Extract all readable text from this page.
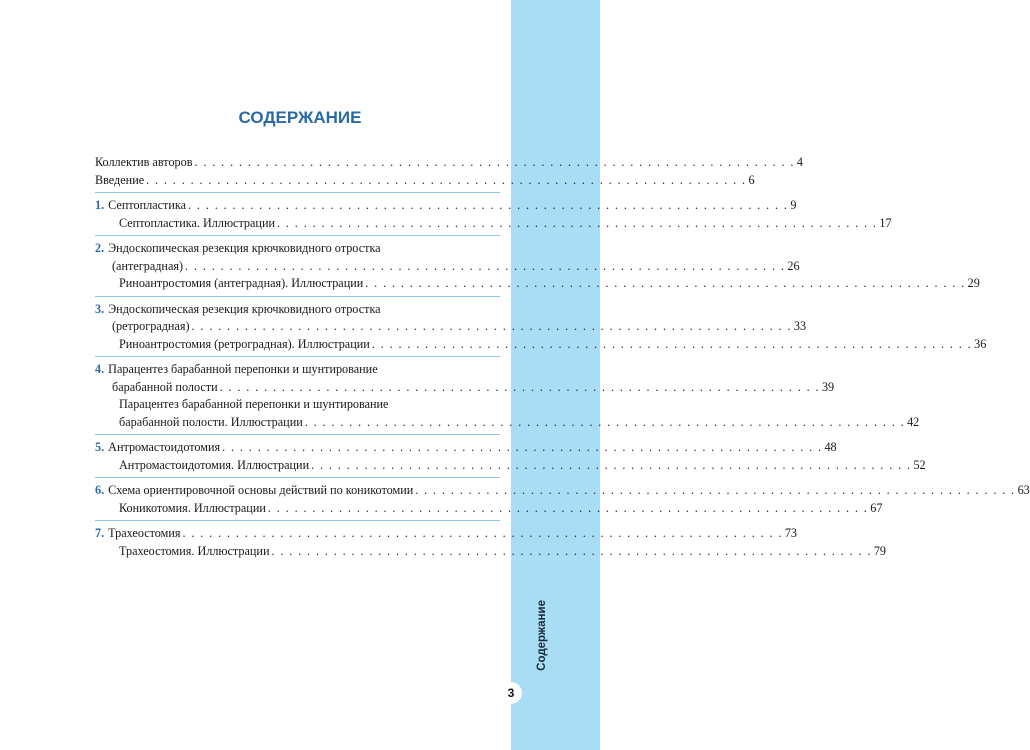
Содержание
3
СОДЕРЖАНИЕ
Коллектив авторов . . . . . . . . . . . . . . . . . . . . . . . . . . . . . . . . . . . . . . . . . . . . . . . . . . . . . . . . . . . . . . . . . . . . 4
Введение . . . . . . . . . . . . . . . . . . . . . . . . . . . . . . . . . . . . . . . . . . . . . . . . . . . . . . . . . . . . . . . . . . . . 6
1. Септопластика . . . . . . . . . . . . . . . . . . . . . . . . . . . . . . . . . . . . . . . . . . . . . . . . . . . . . . . . . . . . . . . . . . . . 9
Септопластика. Иллюстрации . . . . . . . . . . . . . . . . . . . . . . . . . . . . . . . . . . . . . . . . . . . . . . . . . . . . . . . . . . . . . . . . . . . . 17
2. Эндоскопическая резекция крючковидного отростка
(антеградная) . . . . . . . . . . . . . . . . . . . . . . . . . . . . . . . . . . . . . . . . . . . . . . . . . . . . . . . . . . . . . . . . . . . . 26
Риноантростомия (антеградная). Иллюстрации . . . . . . . . . . . . . . . . . . . . . . . . . . . . . . . . . . . . . . . . . . . . . . . . . . . . . . . . . . . . . . . . . . . . 29
3. Эндоскопическая резекция крючковидного отростка
(ретроградная) . . . . . . . . . . . . . . . . . . . . . . . . . . . . . . . . . . . . . . . . . . . . . . . . . . . . . . . . . . . . . . . . . . . . 33
Риноантростомия (ретроградная). Иллюстрации . . . . . . . . . . . . . . . . . . . . . . . . . . . . . . . . . . . . . . . . . . . . . . . . . . . . . . . . . . . . . . . . . . . . 36
4. Парацентез барабанной перепонки и шунтирование
барабанной полости . . . . . . . . . . . . . . . . . . . . . . . . . . . . . . . . . . . . . . . . . . . . . . . . . . . . . . . . . . . . . . . . . . . . 39
Парацентез барабанной перепонки и шунтирование
барабанной полости. Иллюстрации . . . . . . . . . . . . . . . . . . . . . . . . . . . . . . . . . . . . . . . . . . . . . . . . . . . . . . . . . . . . . . . . . . . . 42
5. Антромастоидотомия . . . . . . . . . . . . . . . . . . . . . . . . . . . . . . . . . . . . . . . . . . . . . . . . . . . . . . . . . . . . . . . . . . . . 48
Антромастоидотомия. Иллюстрации . . . . . . . . . . . . . . . . . . . . . . . . . . . . . . . . . . . . . . . . . . . . . . . . . . . . . . . . . . . . . . . . . . . . 52
6. Схема ориентировочной основы действий по коникотомии . . . . . . . . . . . . . . . . . . . . . . . . . . . . . . . . . . . . . . . . . . . . . . . . . . . . . . . . . . . . . . . . . . . . 63
Коникотомия. Иллюстрации . . . . . . . . . . . . . . . . . . . . . . . . . . . . . . . . . . . . . . . . . . . . . . . . . . . . . . . . . . . . . . . . . . . . 67
7. Трахеостомия . . . . . . . . . . . . . . . . . . . . . . . . . . . . . . . . . . . . . . . . . . . . . . . . . . . . . . . . . . . . . . . . . . . . 73
Трахеостомия. Иллюстрации . . . . . . . . . . . . . . . . . . . . . . . . . . . . . . . . . . . . . . . . . . . . . . . . . . . . . . . . . . . . . . . . . . . . 79
